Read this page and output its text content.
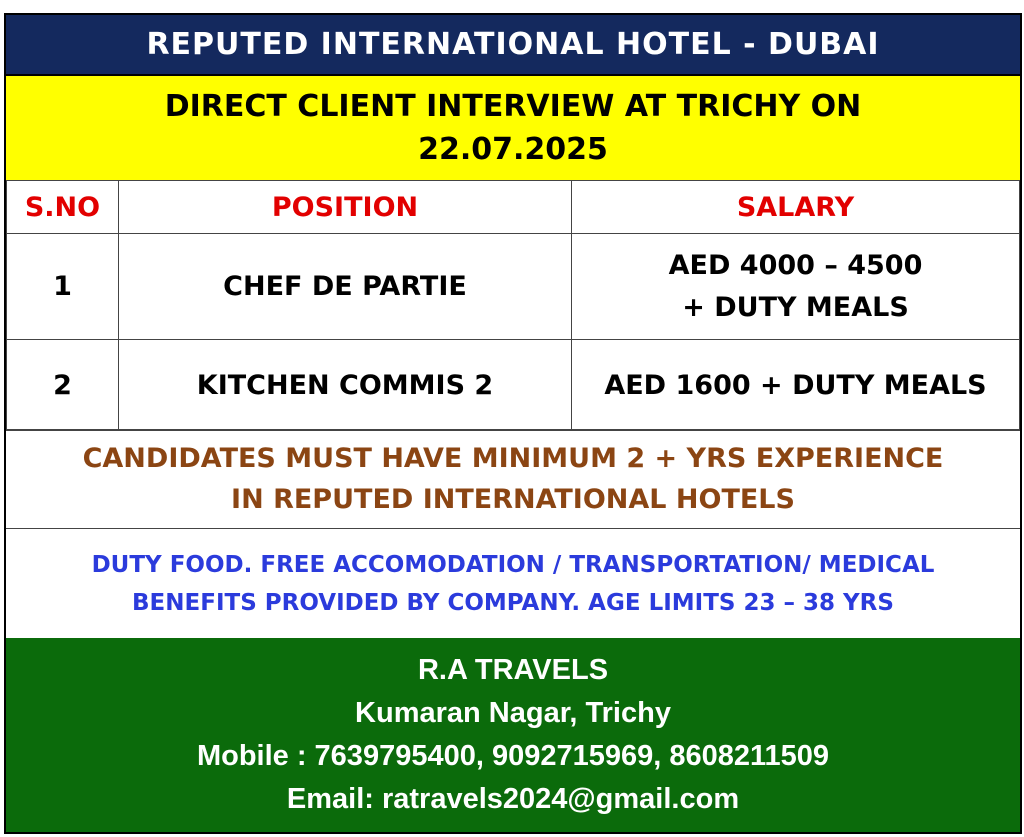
REPUTED INTERNATIONAL HOTEL - DUBAI
DIRECT CLIENT INTERVIEW AT TRICHY ON
22.07.2025
S.NO	POSITION	SALARY
1	CHEF DE PARTIE	AED 4000 – 4500
+ DUTY MEALS

2	KITCHEN COMMIS 2	AED 1600 + DUTY MEALS
CANDIDATES MUST HAVE MINIMUM 2 + YRS EXPERIENCE
IN REPUTED INTERNATIONAL HOTELS
DUTY FOOD. FREE ACCOMODATION / TRANSPORTATION/ MEDICAL
BENEFITS PROVIDED BY COMPANY. AGE LIMITS 23 – 38 YRS
R.A TRAVELS
Kumaran Nagar, Trichy
Mobile : 7639795400, 9092715969, 8608211509
Email: ratravels2024@gmail.com
